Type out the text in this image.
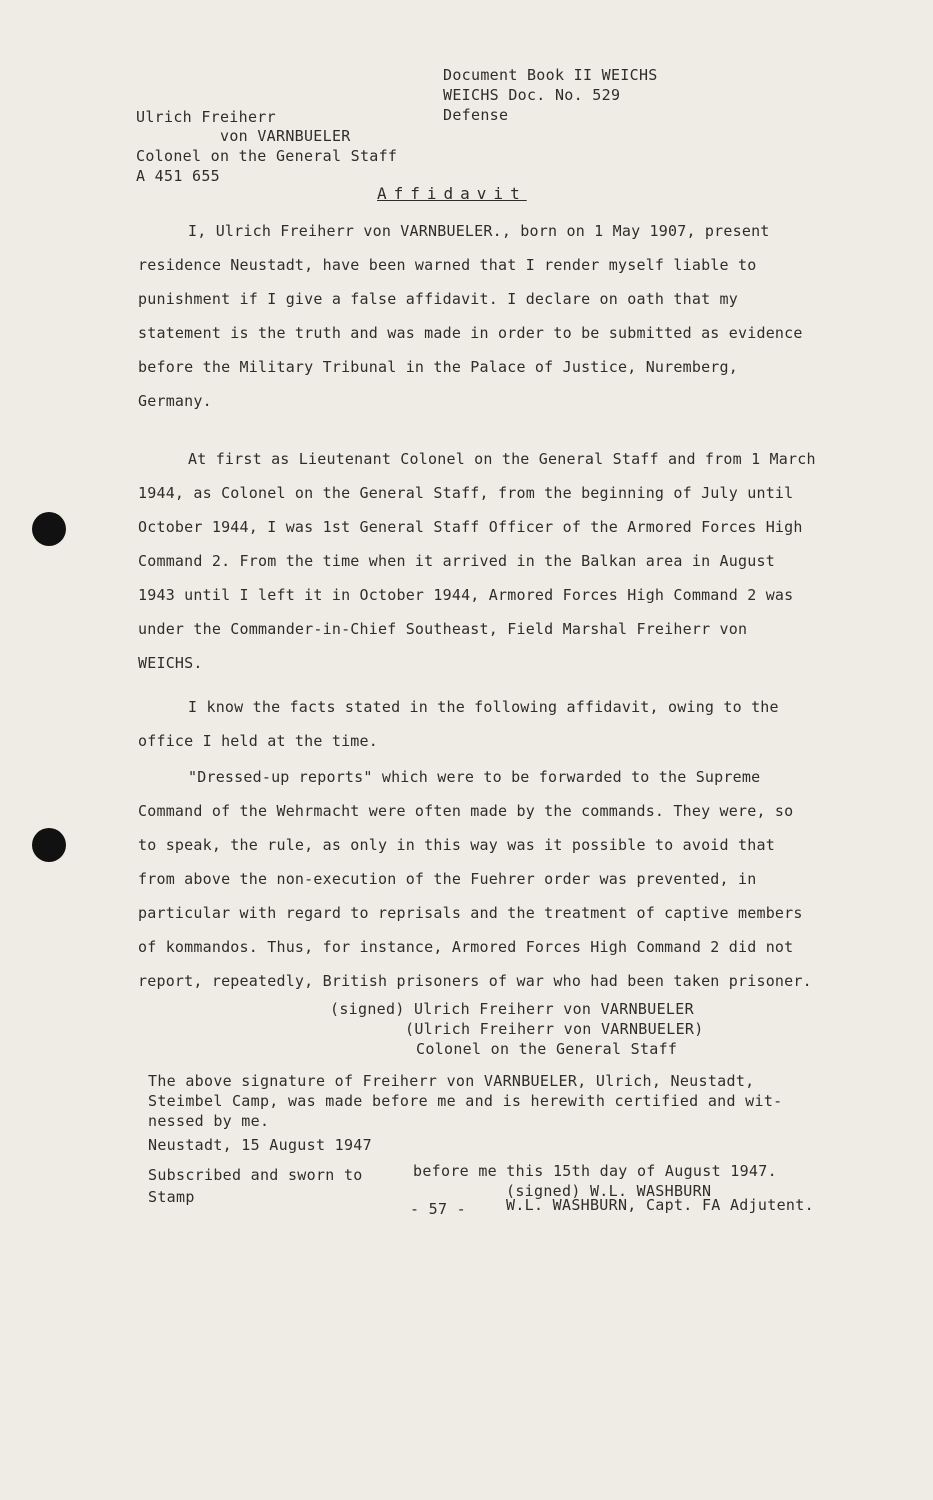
Document Book II WEICHS
WEICHS Doc. No. 529
Defense
Ulrich Freiherr
von VARNBUELER
Colonel on the General Staff
A 451 655
Affidavit

I, Ulrich Freiherr von VARNBUELER., born on 1 May 1907, present residence Neustadt, have been warned that I render myself liable to punishment if I give a false affidavit. I declare on oath that my statement is the truth and was made in order to be submitted as evidence before the Military Tribunal in the Palace of Justice, Nuremberg, Germany.

At first as Lieutenant Colonel on the General Staff and from 1 March 1944, as Colonel on the General Staff, from the beginning of July until October 1944, I was 1st General Staff Officer of the Armored Forces High Command 2. From the time when it arrived in the Balkan area in August 1943 until I left it in October 1944, Armored Forces High Command 2 was under the Commander-in-Chief Southeast, Field Marshal Freiherr von WEICHS.

I know the facts stated in the following affidavit, owing to the office I held at the time.

"Dressed-up reports" which were to be forwarded to the Supreme Command of the Wehrmacht were often made by the commands. They were, so to speak, the rule, as only in this way was it possible to avoid that from above the non-execution of the Fuehrer order was prevented, in particular with regard to reprisals and the treatment of captive members of kommandos. Thus, for instance, Armored Forces High Command 2 did not report, repeatedly, British prisoners of war who had been taken prisoner.

(signed) Ulrich Freiherr von VARNBUELER
(Ulrich Freiherr von VARNBUELER)
Colonel on the General Staff
The above signature of Freiherr von VARNBUELER, Ulrich, Neustadt,
Steimbel Camp, was made before me and is herewith certified and wit-
nessed by me.
Neustadt, 15 August 1947
Subscribed and sworn to	before me this 15th day of August 1947.
Stamp	(signed) W.L. WASHBURN
W.L. WASHBURN, Capt. FA Adjutent.
- 57 -
